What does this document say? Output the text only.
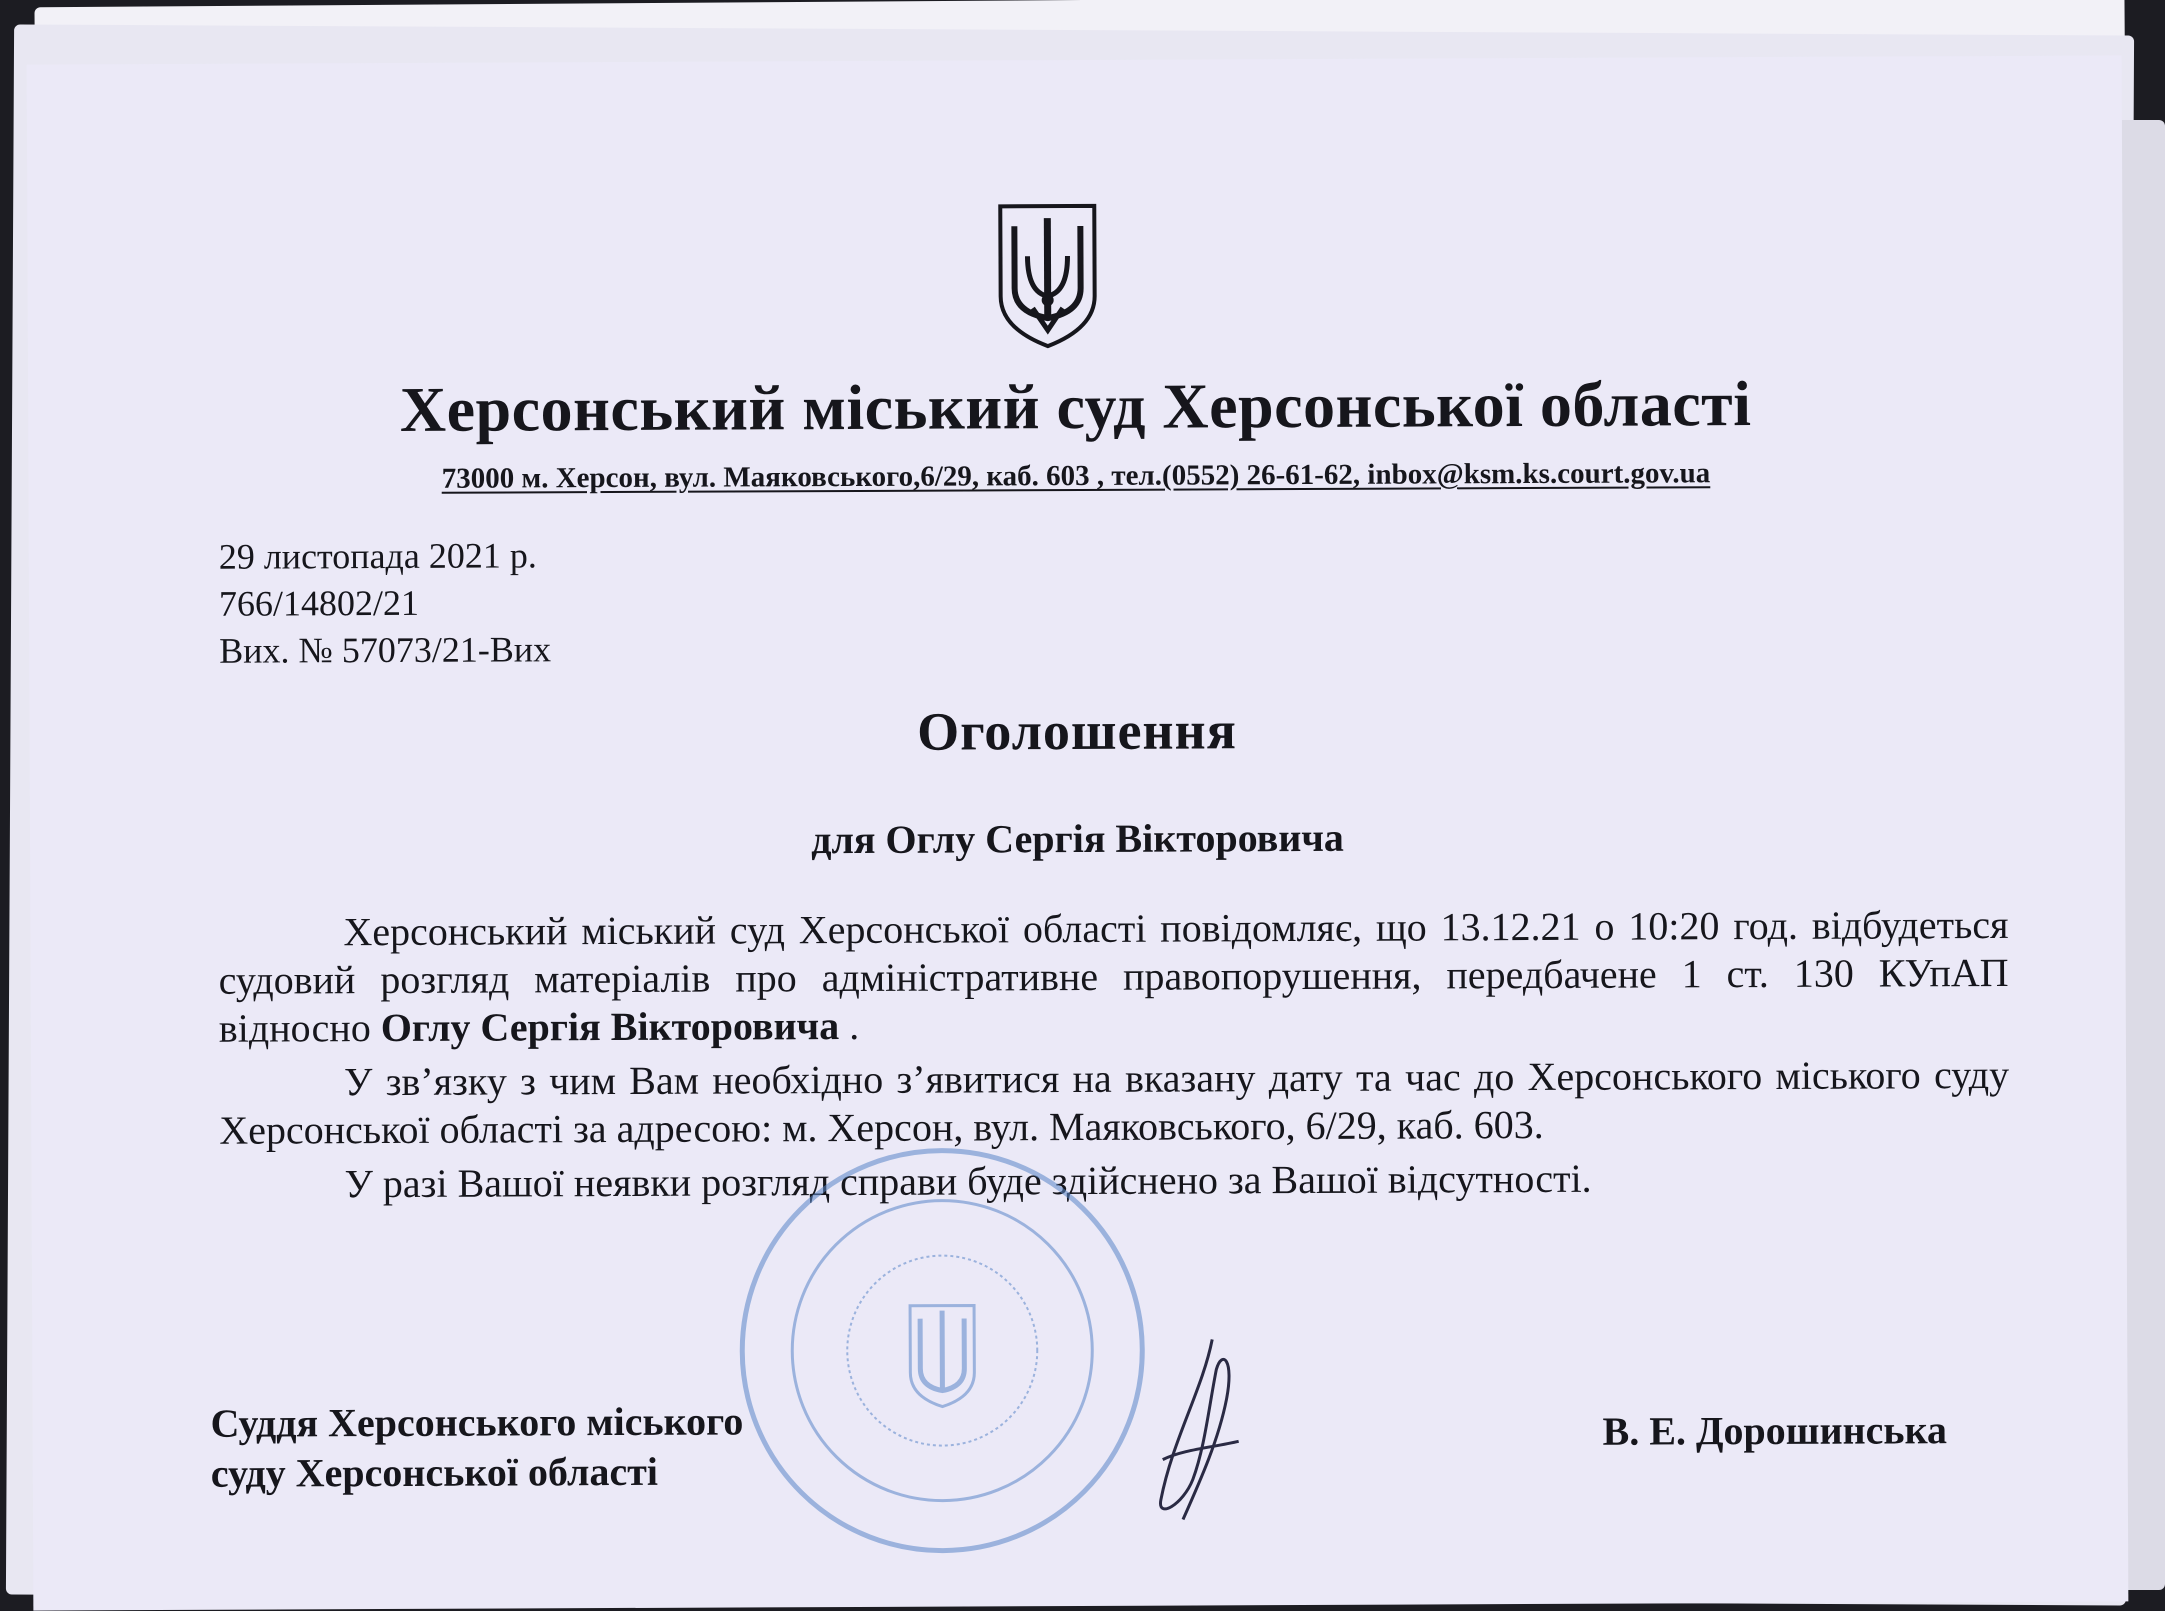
Херсонський міський суд Херсонської області
73000 м. Херсон, вул. Маяковського,6/29, каб. 603 , тел.(0552) 26-61-62, inbox@ksm.ks.court.gov.ua
29 листопада 2021 р.
766/14802/21
Вих. № 57073/21-Вих
Оголошення
для Оглу Сергія Вікторовича

Херсонський міський суд Херсонської області повідомляє, що 13.12.21 о 10:20 год. відбудеться судовий розгляд матеріалів про адміністративне правопорушення, передбачене 1 ст. 130 КУпАП відносно Оглу Сергія Вікторовича .

У зв’язку з чим Вам необхідно з’явитися на вказану дату та час до Херсонського міського суду Херсонської області за адресою: м. Херсон, вул. Маяковського, 6/29, каб. 603.

У разі Вашої неявки розгляд справи буде здійснено за Вашої відсутності.

Суддя Херсонського міського
суду Херсонської області
В. Е. Дорошинська
